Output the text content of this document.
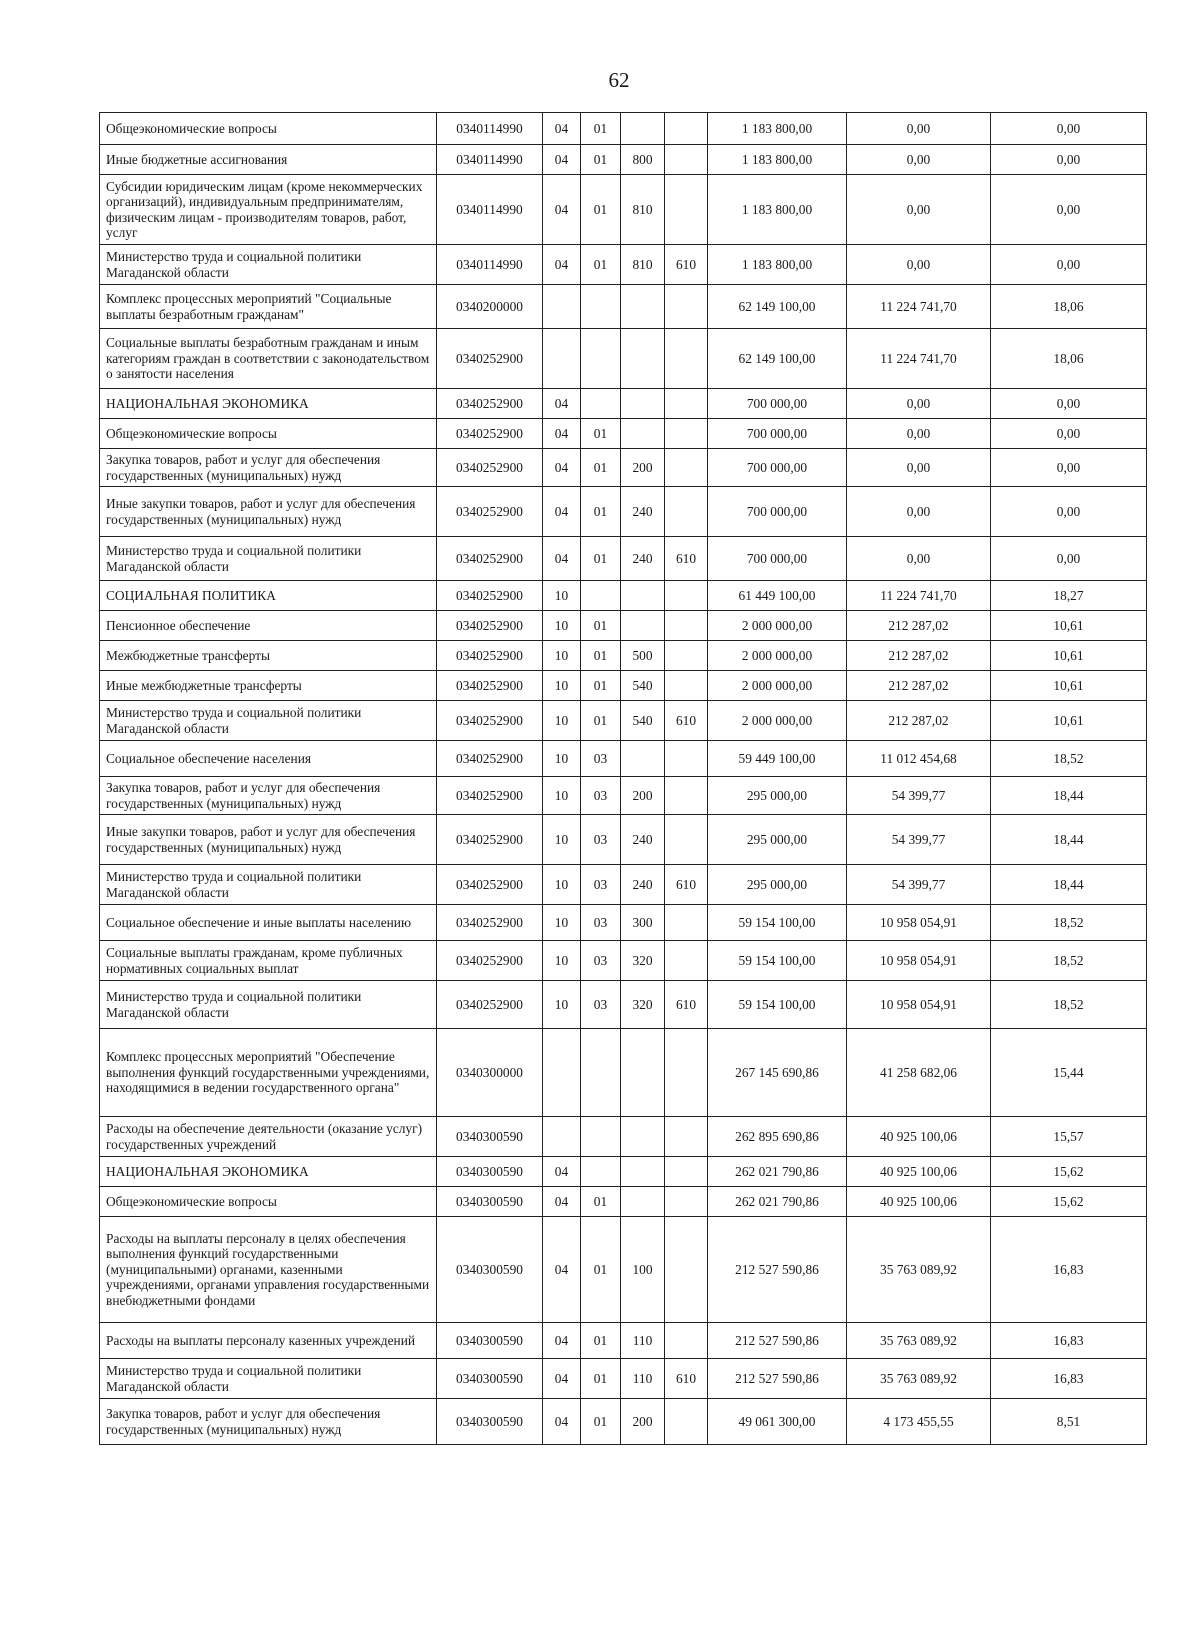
62
Общеэкономические вопросы	0340114990	04	01			1 183 800,00	0,00	0,00
Иные бюджетные ассигнования	0340114990	04	01	800		1 183 800,00	0,00	0,00
Субсидии юридическим лицам (кроме некоммерческих организаций), индивидуальным предпринимателям, физическим лицам - производителям товаров, работ, услуг	0340114990	04	01	810		1 183 800,00	0,00	0,00
Министерство труда и социальной политики Магаданской области	0340114990	04	01	810	610	1 183 800,00	0,00	0,00
Комплекс процессных мероприятий "Социальные выплаты безработным гражданам"	0340200000					62 149 100,00	11 224 741,70	18,06
Социальные выплаты безработным гражданам и иным категориям граждан в соответствии с законодательством о занятости населения	0340252900					62 149 100,00	11 224 741,70	18,06
НАЦИОНАЛЬНАЯ ЭКОНОМИКА	0340252900	04				700 000,00	0,00	0,00
Общеэкономические вопросы	0340252900	04	01			700 000,00	0,00	0,00
Закупка товаров, работ и услуг для обеспечения государственных (муниципальных) нужд	0340252900	04	01	200		700 000,00	0,00	0,00
Иные закупки товаров, работ и услуг для обеспечения государственных (муниципальных) нужд	0340252900	04	01	240		700 000,00	0,00	0,00
Министерство труда и социальной политики Магаданской области	0340252900	04	01	240	610	700 000,00	0,00	0,00
СОЦИАЛЬНАЯ ПОЛИТИКА	0340252900	10				61 449 100,00	11 224 741,70	18,27
Пенсионное обеспечение	0340252900	10	01			2 000 000,00	212 287,02	10,61
Межбюджетные трансферты	0340252900	10	01	500		2 000 000,00	212 287,02	10,61
Иные межбюджетные трансферты	0340252900	10	01	540		2 000 000,00	212 287,02	10,61
Министерство труда и социальной политики Магаданской области	0340252900	10	01	540	610	2 000 000,00	212 287,02	10,61
Социальное обеспечение населения	0340252900	10	03			59 449 100,00	11 012 454,68	18,52
Закупка товаров, работ и услуг для обеспечения государственных (муниципальных) нужд	0340252900	10	03	200		295 000,00	54 399,77	18,44
Иные закупки товаров, работ и услуг для обеспечения государственных (муниципальных) нужд	0340252900	10	03	240		295 000,00	54 399,77	18,44
Министерство труда и социальной политики Магаданской области	0340252900	10	03	240	610	295 000,00	54 399,77	18,44
Социальное обеспечение и иные выплаты населению	0340252900	10	03	300		59 154 100,00	10 958 054,91	18,52
Социальные выплаты гражданам, кроме публичных нормативных социальных выплат	0340252900	10	03	320		59 154 100,00	10 958 054,91	18,52
Министерство труда и социальной политики Магаданской области	0340252900	10	03	320	610	59 154 100,00	10 958 054,91	18,52
Комплекс процессных мероприятий "Обеспечение выполнения функций государственными учреждениями, находящимися в ведении государственного органа"	0340300000					267 145 690,86	41 258 682,06	15,44
Расходы на обеспечение деятельности (оказание услуг) государственных учреждений	0340300590					262 895 690,86	40 925 100,06	15,57
НАЦИОНАЛЬНАЯ ЭКОНОМИКА	0340300590	04				262 021 790,86	40 925 100,06	15,62
Общеэкономические вопросы	0340300590	04	01			262 021 790,86	40 925 100,06	15,62
Расходы на выплаты персоналу в целях обеспечения выполнения функций государственными (муниципальными) органами, казенными учреждениями, органами управления государственными внебюджетными фондами	0340300590	04	01	100		212 527 590,86	35 763 089,92	16,83
Расходы на выплаты персоналу казенных учреждений	0340300590	04	01	110		212 527 590,86	35 763 089,92	16,83
Министерство труда и социальной политики Магаданской области	0340300590	04	01	110	610	212 527 590,86	35 763 089,92	16,83
Закупка товаров, работ и услуг для обеспечения государственных (муниципальных) нужд	0340300590	04	01	200		49 061 300,00	4 173 455,55	8,51
